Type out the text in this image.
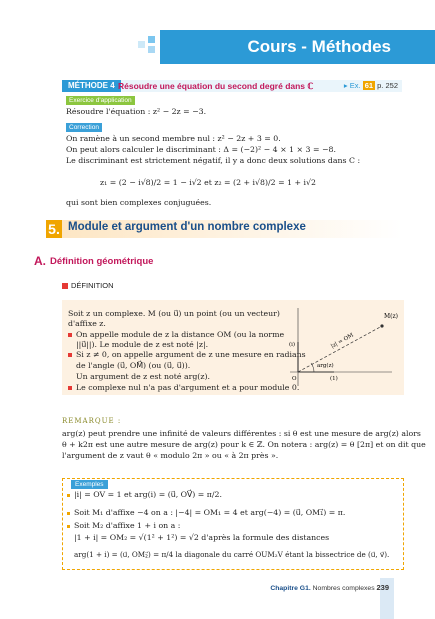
Cours - Méthodes
MÉTHODE 4 Résoudre une équation du second degré dans ℂ	▸ Ex. 61 p. 252
Exercice d'application
Résoudre l'équation : z² − 2z = −3.
Correction
On ramène à un second membre nul : z² − 2z + 3 = 0.
On peut alors calculer le discriminant : Δ = (−2)² − 4 × 1 × 3 = −8.
Le discriminant est strictement négatif, il y a donc deux solutions dans C :
z₁ = (2 − i√8)/2 = 1 − i√2 et z₂ = (2 + i√8)/2 = 1 + i√2
qui sont bien complexes conjuguées.
5. Module et argument d'un nombre complexe
A. Définition géométrique
DÉFINITION
Soit z un complexe. M (ou u⃗) un point (ou un vecteur)
d'affixe z.
On appelle module de z la distance OM (ou la norme
||u⃗||). Le module de z est noté |z|.
Si z ≠ 0, on appelle argument de z une mesure en radians
de l'angle (u⃗, OM⃗) (ou (u⃗, u⃗)).
Un argument de z est noté arg(z).
Le complexe nul n'a pas d'argument et a pour module 0.
M(z)
|z| = OM
arg(z)
O	(1)
(i)
REMARQUE :
arg(z) peut prendre une infinité de valeurs différentes : si θ est une mesure de arg(z) alors
θ + k2π est une autre mesure de arg(z) pour k ∈ ℤ. On notera : arg(z) = θ [2π] et on dit que
l'argument de z vaut θ « modulo 2π » ou « à 2π près ».
Exemples
|i| = OV = 1 et arg(i) = (u⃗, OV⃗) = π/2.
Soit M₁ d'affixe −4 on a : |−4| = OM₁ = 4 et arg(−4) = (u⃗, OM₁⃗) = π.
Soit M₂ d'affixe 1 + i on a :
|1 + i| = OM₂ = √(1² + 1²) = √2 d'après la formule des distances
arg(1 + i) = (u⃗, OM₂⃗) = π/4 la diagonale du carré OUM₂V étant la bissectrice de (u⃗, v⃗).
Chapitre G1. Nombres complexes 239
